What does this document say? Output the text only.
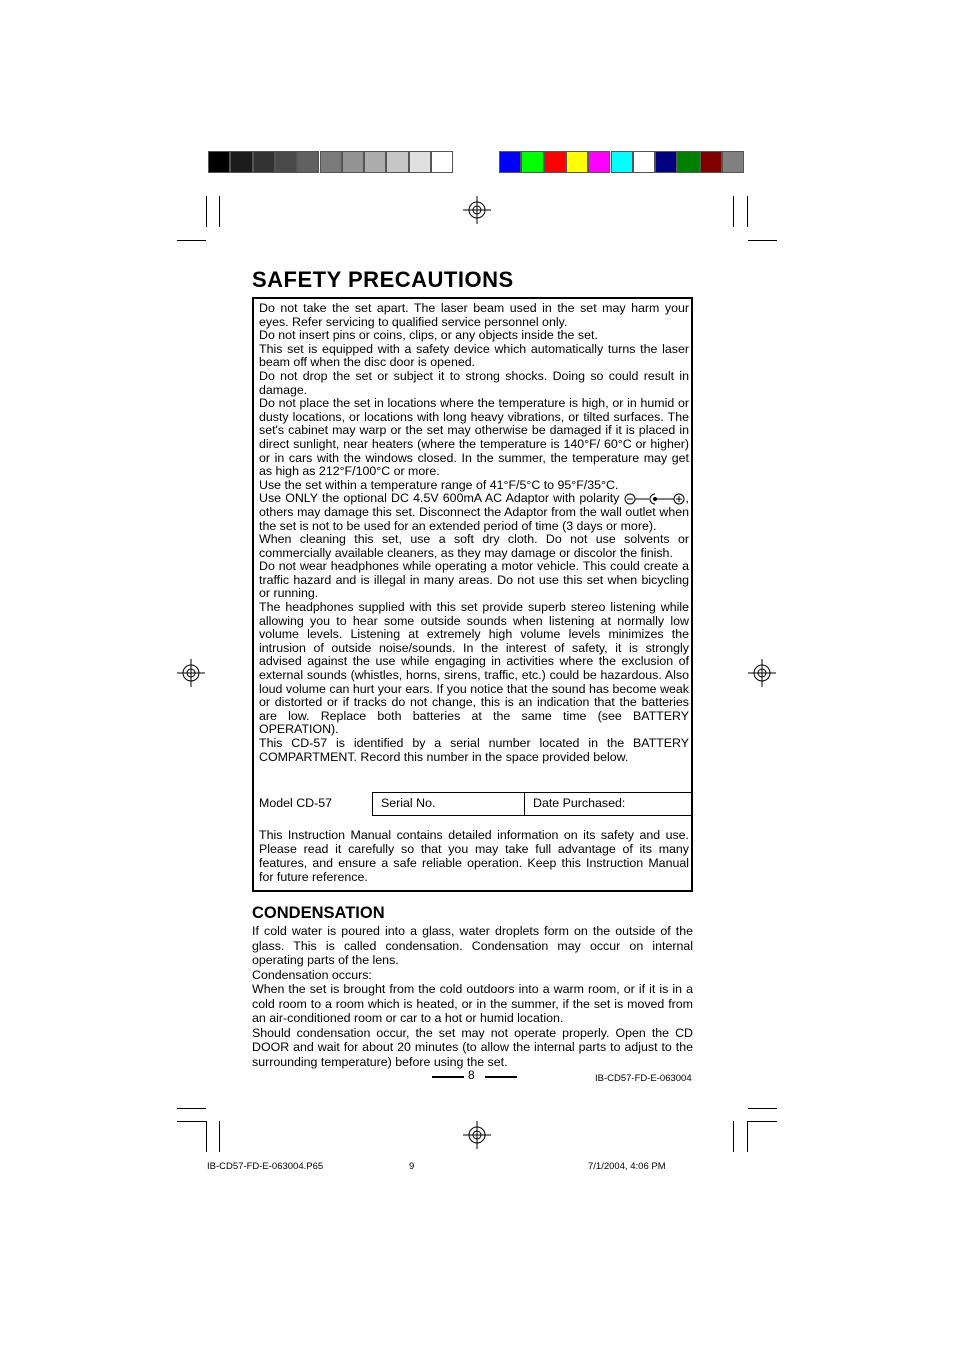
SAFETY PRECAUTIONS

Do not take the set apart. The laser beam used in the set may harm your eyes. Refer servicing to qualified service personnel only.

Do not insert pins or coins, clips, or any objects inside the set.

This set is equipped with a safety device which automatically turns the laser beam off when the disc door is opened.

Do not drop the set or subject it to strong shocks. Doing so could result in damage.

Do not place the set in locations where the temperature is high, or in humid or dusty locations, or locations with long heavy vibrations, or tilted surfaces. The set's cabinet may warp or the set may otherwise be damaged if it is placed in direct sunlight, near heaters (where the temperature is 140°F/ 60°C or higher) or in cars with the windows closed. In the summer, the temperature may get as high as 212°F/100°C or more.

Use the set within a temperature range of 41°F/5°C to 95°F/35°C.

Use ONLY the optional DC 4.5V 600mA AC Adaptor with polarity	, others may damage this set. Disconnect the Adaptor from the wall outlet when the set is not to be used for an extended period of time (3 days or more).

When cleaning this set, use a soft dry cloth. Do not use solvents or commercially available cleaners, as they may damage or discolor the finish.

Do not wear headphones while operating a motor vehicle. This could create a traffic hazard and is illegal in many areas. Do not use this set when bicycling or running.

The headphones supplied with this set provide superb stereo listening while allowing you to hear some outside sounds when listening at normally low volume levels. Listening at extremely high volume levels minimizes the intrusion of outside noise/sounds. In the interest of safety, it is strongly advised against the use while engaging in activities where the exclusion of external sounds (whistles, horns, sirens, traffic, etc.) could be hazardous. Also loud volume can hurt your ears. If you notice that the sound has become weak or distorted or if tracks do not change, this is an indication that the batteries are low. Replace both batteries at the same time (see BATTERY OPERATION).

This CD-57 is identified by a serial number located in the BATTERY COMPARTMENT. Record this number in the space provided below.

Model CD-57	Serial No.	Date Purchased:

This Instruction Manual contains detailed information on its safety and use. Please read it carefully so that you may take full advantage of its many features, and ensure a safe reliable operation. Keep this Instruction Manual for future reference.

CONDENSATION

If cold water is poured into a glass, water droplets form on the outside of the glass. This is called condensation. Condensation may occur on internal operating parts of the lens.

Condensation occurs:

When the set is brought from the cold outdoors into a warm room, or if it is in a cold room to a room which is heated, or in the summer, if the set is moved from an air-conditioned room or car to a hot or humid location.

Should condensation occur, the set may not operate properly. Open the CD DOOR and wait for about 20 minutes (to allow the internal parts to adjust to the surrounding temperature) before using the set.

8	IB-CD57-FD-E-063004
IB-CD57-FD-E-063004.P65	9	7/1/2004, 4:06 PM
